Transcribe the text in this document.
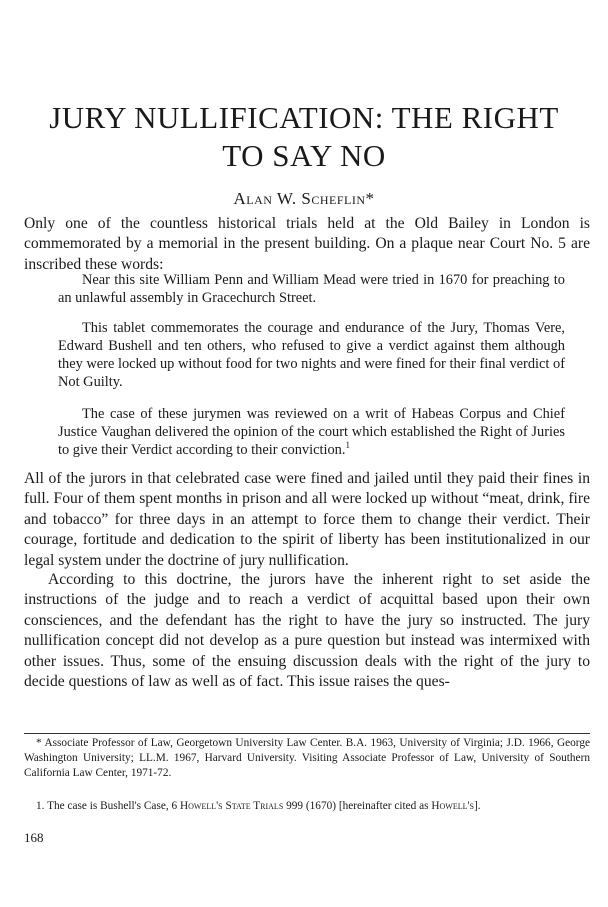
JURY NULLIFICATION: THE RIGHT
TO SAY NO
Alan W. Scheflin*

Only one of the countless historical trials held at the Old Bailey in London is commemorated by a memorial in the present building. On a plaque near Court No. 5 are inscribed these words:

Near this site William Penn and William Mead were tried in 1670 for preaching to an unlawful assembly in Gracechurch Street.

This tablet commemorates the courage and endurance of the Jury, Thomas Vere, Edward Bushell and ten others, who refused to give a verdict against them although they were locked up without food for two nights and were fined for their final verdict of Not Guilty.

The case of these jurymen was reviewed on a writ of Habeas Corpus and Chief Justice Vaughan delivered the opinion of the court which established the Right of Juries to give their Verdict according to their conviction.$^1$

All of the jurors in that celebrated case were fined and jailed until they paid their fines in full. Four of them spent months in prison and all were locked up without “meat, drink, fire and tobacco” for three days in an attempt to force them to change their verdict. Their courage, fortitude and dedication to the spirit of liberty has been institutionalized in our legal system under the doctrine of jury nullification.

According to this doctrine, the jurors have the inherent right to set aside the instructions of the judge and to reach a verdict of acquittal based upon their own consciences, and the defendant has the right to have the jury so instructed. The jury nullification concept did not develop as a pure question but instead was intermixed with other issues. Thus, some of the ensuing discussion deals with the right of the jury to decide questions of law as well as of fact. This issue raises the ques-

* Associate Professor of Law, Georgetown University Law Center. B.A. 1963, University of Virginia; J.D. 1966, George Washington University; LL.M. 1967, Harvard University. Visiting Associate Professor of Law, University of Southern California Law Center, 1971-72.

1. The case is Bushell's Case, 6 Howell's State Trials 999 (1670) [hereinafter cited as Howell's].

168
